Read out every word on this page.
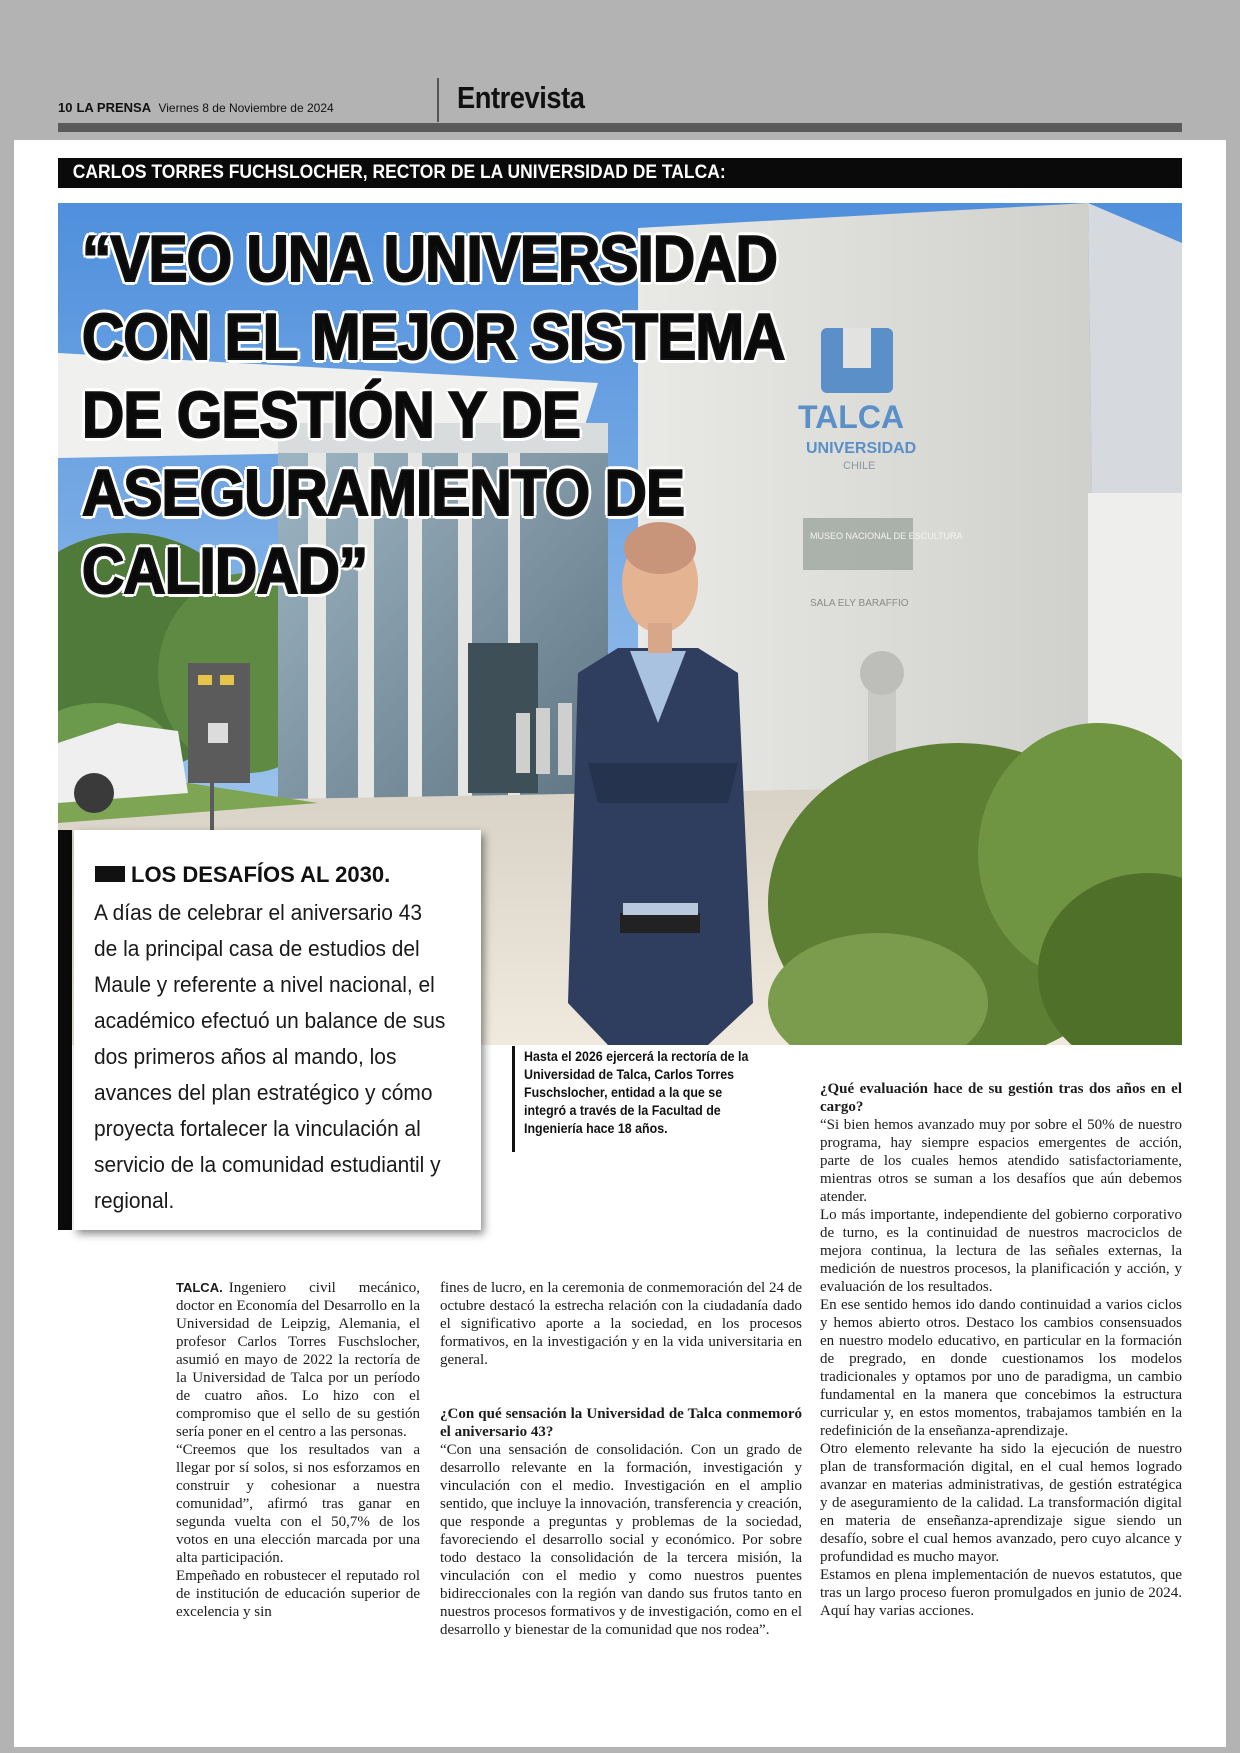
10 LA PRENSA Viernes 8 de Noviembre de 2024	Entrevista
CARLOS TORRES FUCHSLOCHER, RECTOR DE LA UNIVERSIDAD DE TALCA:
TALCA
UNIVERSIDAD
CHILE
MUSEO NACIONAL DE ESCULTURA
SALA ELY BARAFFIO
“VEO UNA UNIVERSIDAD CON EL MEJOR SISTEMA DE GESTIÓN Y DE ASEGURAMIENTO DE CALIDAD”
LOS DESAFÍOS AL 2030.

A días de celebrar el aniversario 43 de la principal casa de estudios del Maule y referente a nivel nacional, el académico efectuó un balance de sus dos primeros años al mando, los avances del plan estratégico y cómo proyecta fortalecer la vinculación al servicio de la comunidad estudiantil y regional.

Hasta el 2026 ejercerá la rectoría de la Universidad de Talca, Carlos Torres Fuschslocher, entidad a la que se integró a través de la Facultad de Ingeniería hace 18 años.

TALCA. Ingeniero civil mecánico, doctor en Economía del Desarrollo en la Universidad de Leipzig, Alemania, el profesor Carlos Torres Fuschslocher, asumió en mayo de 2022 la rectoría de la Universidad de Talca por un período de cuatro años. Lo hizo con el compromiso que el sello de su gestión sería poner en el centro a las personas.

“Creemos que los resultados van a llegar por sí solos, si nos esforzamos en construir y cohesionar a nuestra comunidad”, afirmó tras ganar en segunda vuelta con el 50,7% de los votos en una elección marcada por una alta participación.

Empeñado en robustecer el reputado rol de institución de educación superior de excelencia y sin

fines de lucro, en la ceremonia de conmemoración del 24 de octubre destacó la estrecha relación con la ciudadanía dado el significativo aporte a la sociedad, en los procesos formativos, en la investigación y en la vida universitaria en general.

¿Con qué sensación la Universidad de Talca conmemoró el aniversario 43?

“Con una sensación de consolidación. Con un grado de desarrollo relevante en la formación, investigación y vinculación con el medio. Investigación en el amplio sentido, que incluye la innovación, transferencia y creación, que responde a preguntas y problemas de la sociedad, favoreciendo el desarrollo social y económico. Por sobre todo destaco la consolidación de la tercera misión, la vinculación con el medio y como nuestros puentes bidireccionales con la región van dando sus frutos tanto en nuestros procesos formativos y de investigación, como en el desarrollo y bienestar de la comunidad que nos rodea”.

¿Qué evaluación hace de su gestión tras dos años en el cargo?

“Si bien hemos avanzado muy por sobre el 50% de nuestro programa, hay siempre espacios emergentes de acción, parte de los cuales hemos atendido satisfactoriamente, mientras otros se suman a los desafíos que aún debemos atender.

Lo más importante, independiente del gobierno corporativo de turno, es la continuidad de nuestros macrociclos de mejora continua, la lectura de las señales externas, la medición de nuestros procesos, la planificación y acción, y evaluación de los resultados.

En ese sentido hemos ido dando continuidad a varios ciclos y hemos abierto otros. Destaco los cambios consensuados en nuestro modelo educativo, en particular en la formación de pregrado, en donde cuestionamos los modelos tradicionales y optamos por uno de paradigma, un cambio fundamental en la manera que concebimos la estructura curricular y, en estos momentos, trabajamos también en la redefinición de la enseñanza-aprendizaje.

Otro elemento relevante ha sido la ejecución de nuestro plan de transformación digital, en el cual hemos logrado avanzar en materias administrativas, de gestión estratégica y de aseguramiento de la calidad. La transformación digital en materia de enseñanza-aprendizaje sigue siendo un desafío, sobre el cual hemos avanzado, pero cuyo alcance y profundidad es mucho mayor.

Estamos en plena implementación de nuevos estatutos, que tras un largo proceso fueron promulgados en junio de 2024. Aquí hay varias acciones.
